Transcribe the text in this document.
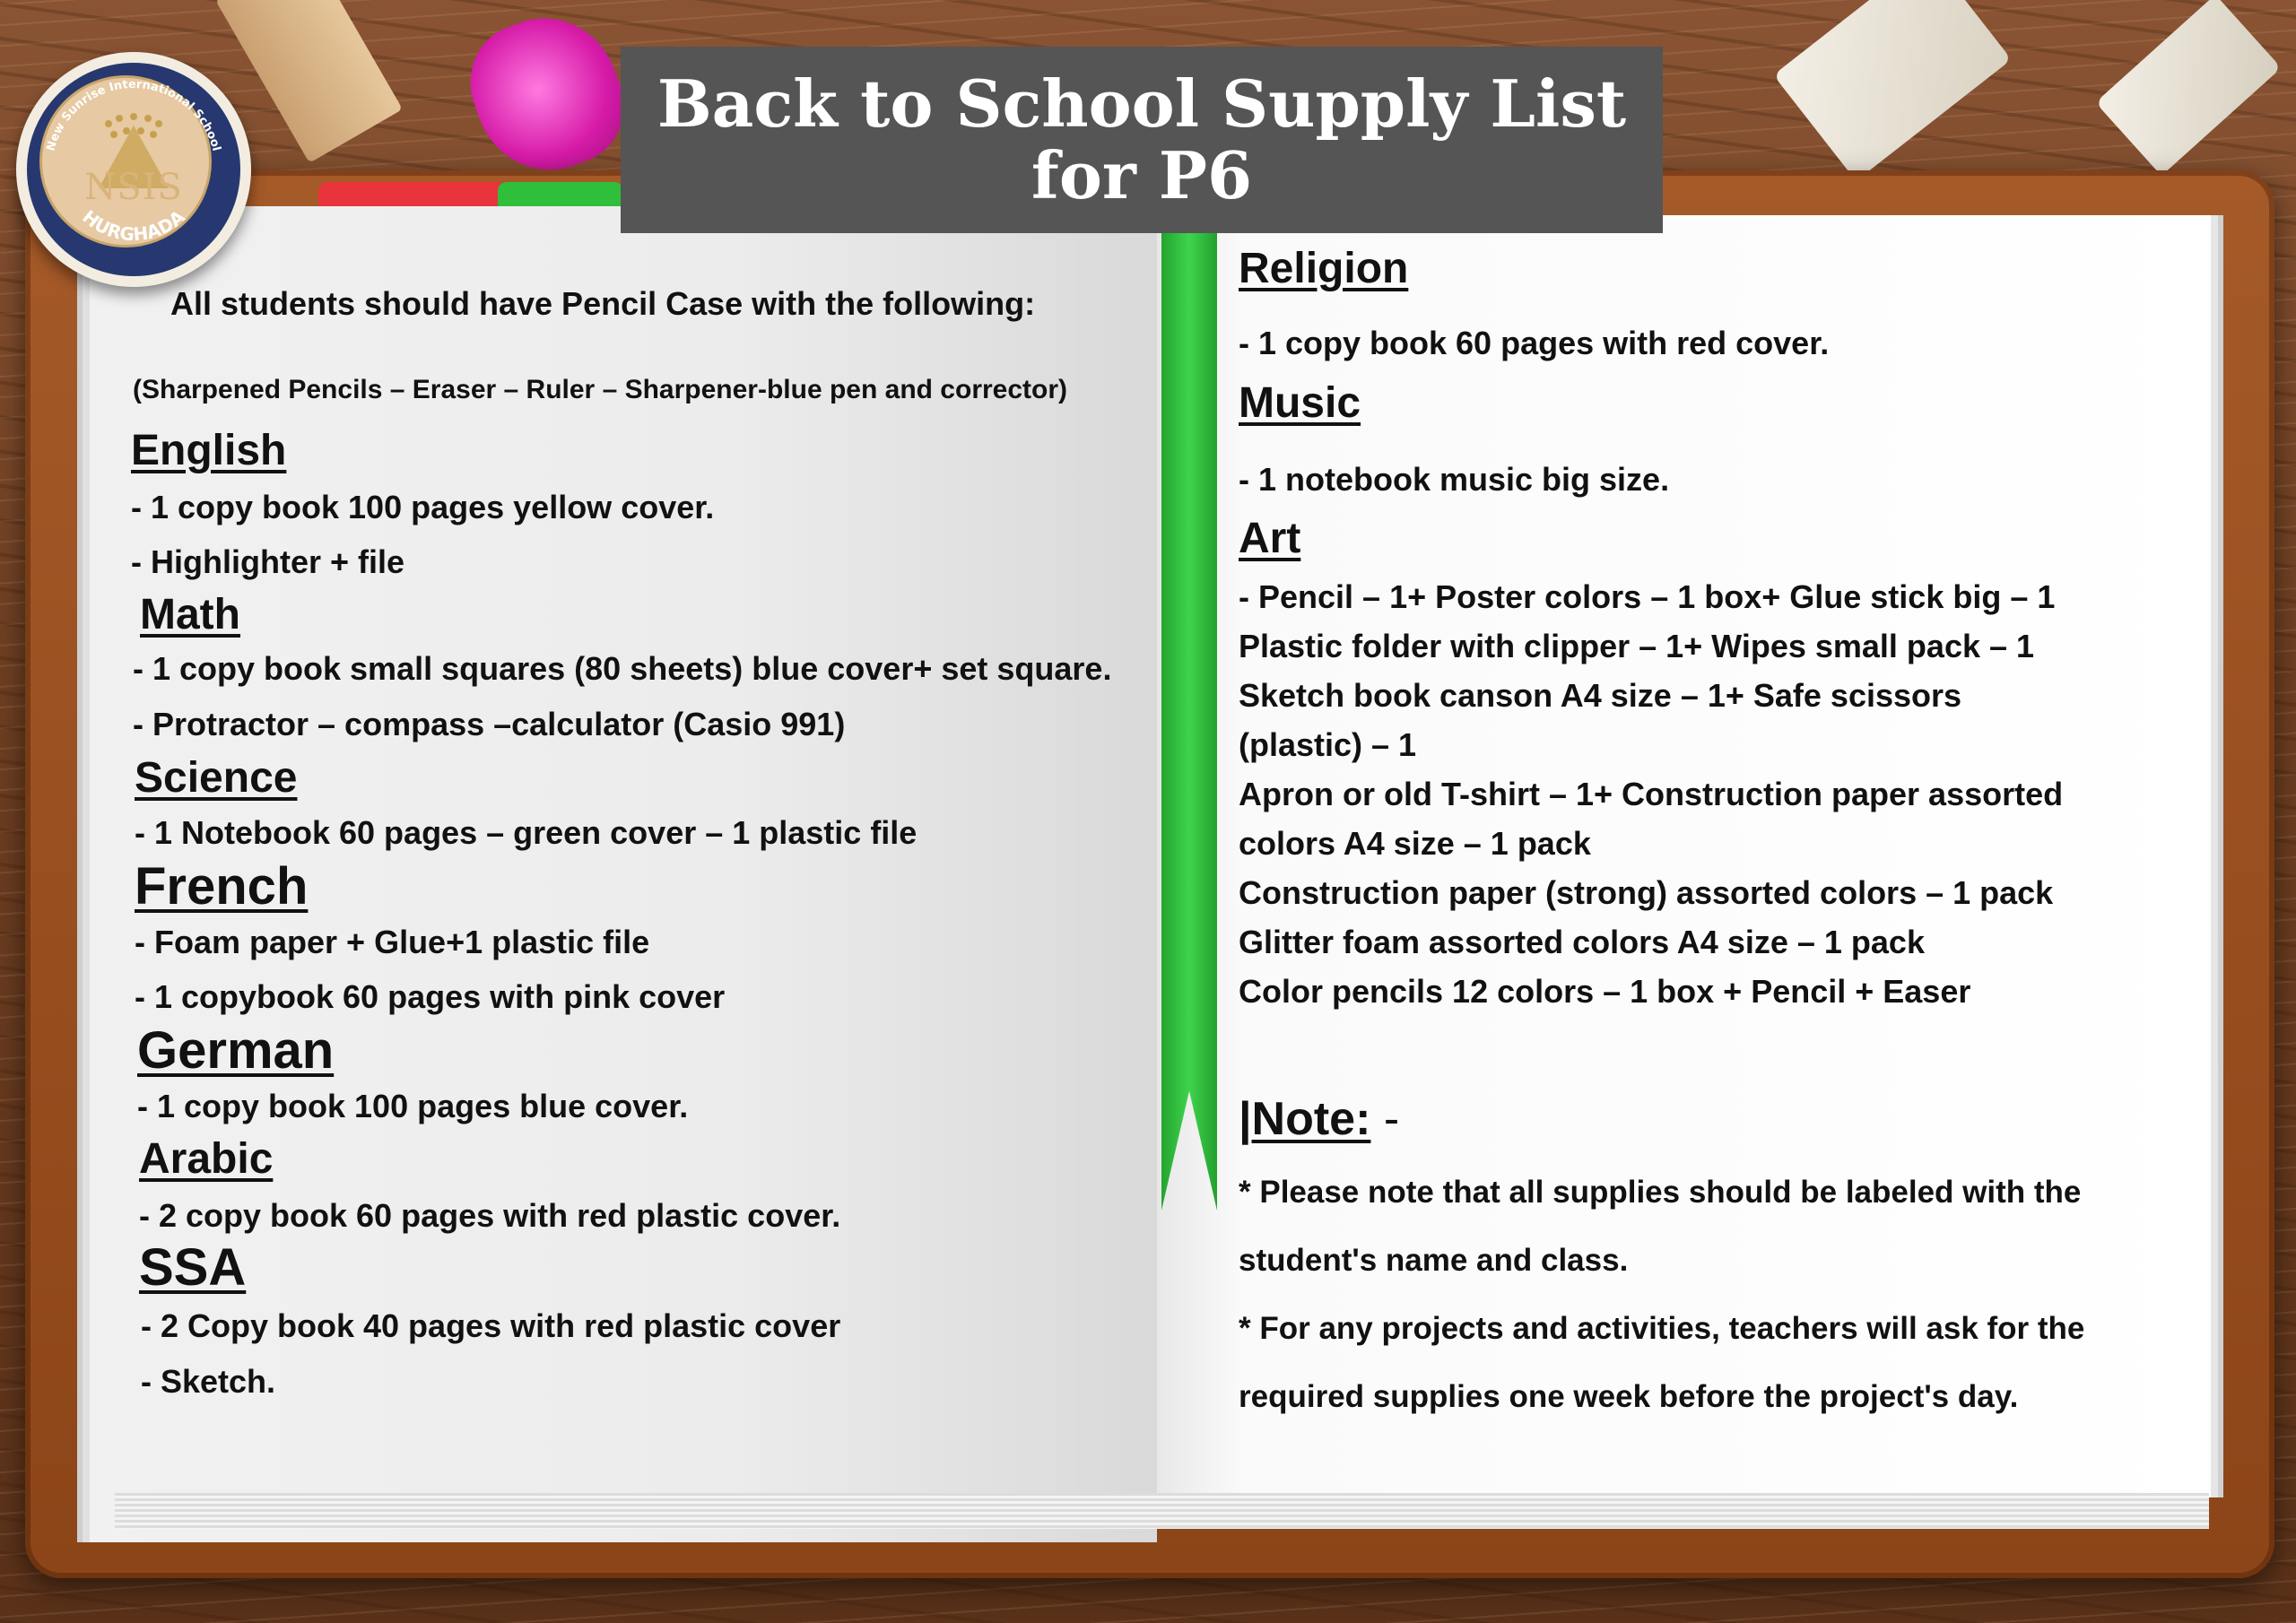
Back to School Supply List
for P6
New Sunrise International School
HURGHADA
NSIS
All students should have Pencil Case with the following:
(Sharpened Pencils – Eraser – Ruler – Sharpener-blue pen and corrector)
English
- 1 copy book 100 pages yellow cover.
- Highlighter + file
Math
- 1 copy book small squares (80 sheets) blue cover+ set square.
- Protractor – compass –calculator (Casio 991)
Science
- 1 Notebook 60 pages – green cover – 1 plastic file
French
- Foam paper + Glue+1 plastic file
- 1 copybook 60 pages with pink cover
German
- 1 copy book 100 pages blue cover.
Arabic
- 2 copy book 60 pages with red plastic cover.
SSA
- 2 Copy book 40 pages with red plastic cover
- Sketch.
Religion
- 1 copy book 60 pages with red cover.
Music
- 1 notebook music big size.
Art
- Pencil – 1+ Poster colors – 1 box+ Glue stick big – 1
Plastic folder with clipper – 1+ Wipes small pack – 1
Sketch book canson A4 size – 1+ Safe scissors
(plastic) – 1
Apron or old T-shirt – 1+ Construction paper assorted
colors A4 size – 1 pack
Construction paper (strong) assorted colors – 1 pack
Glitter foam assorted colors A4 size – 1 pack
Color pencils 12 colors – 1 box + Pencil + Easer
|Note: -
* Please note that all supplies should be labeled with the
student's name and class.
* For any projects and activities, teachers will ask for the
required supplies one week before the project's day.
